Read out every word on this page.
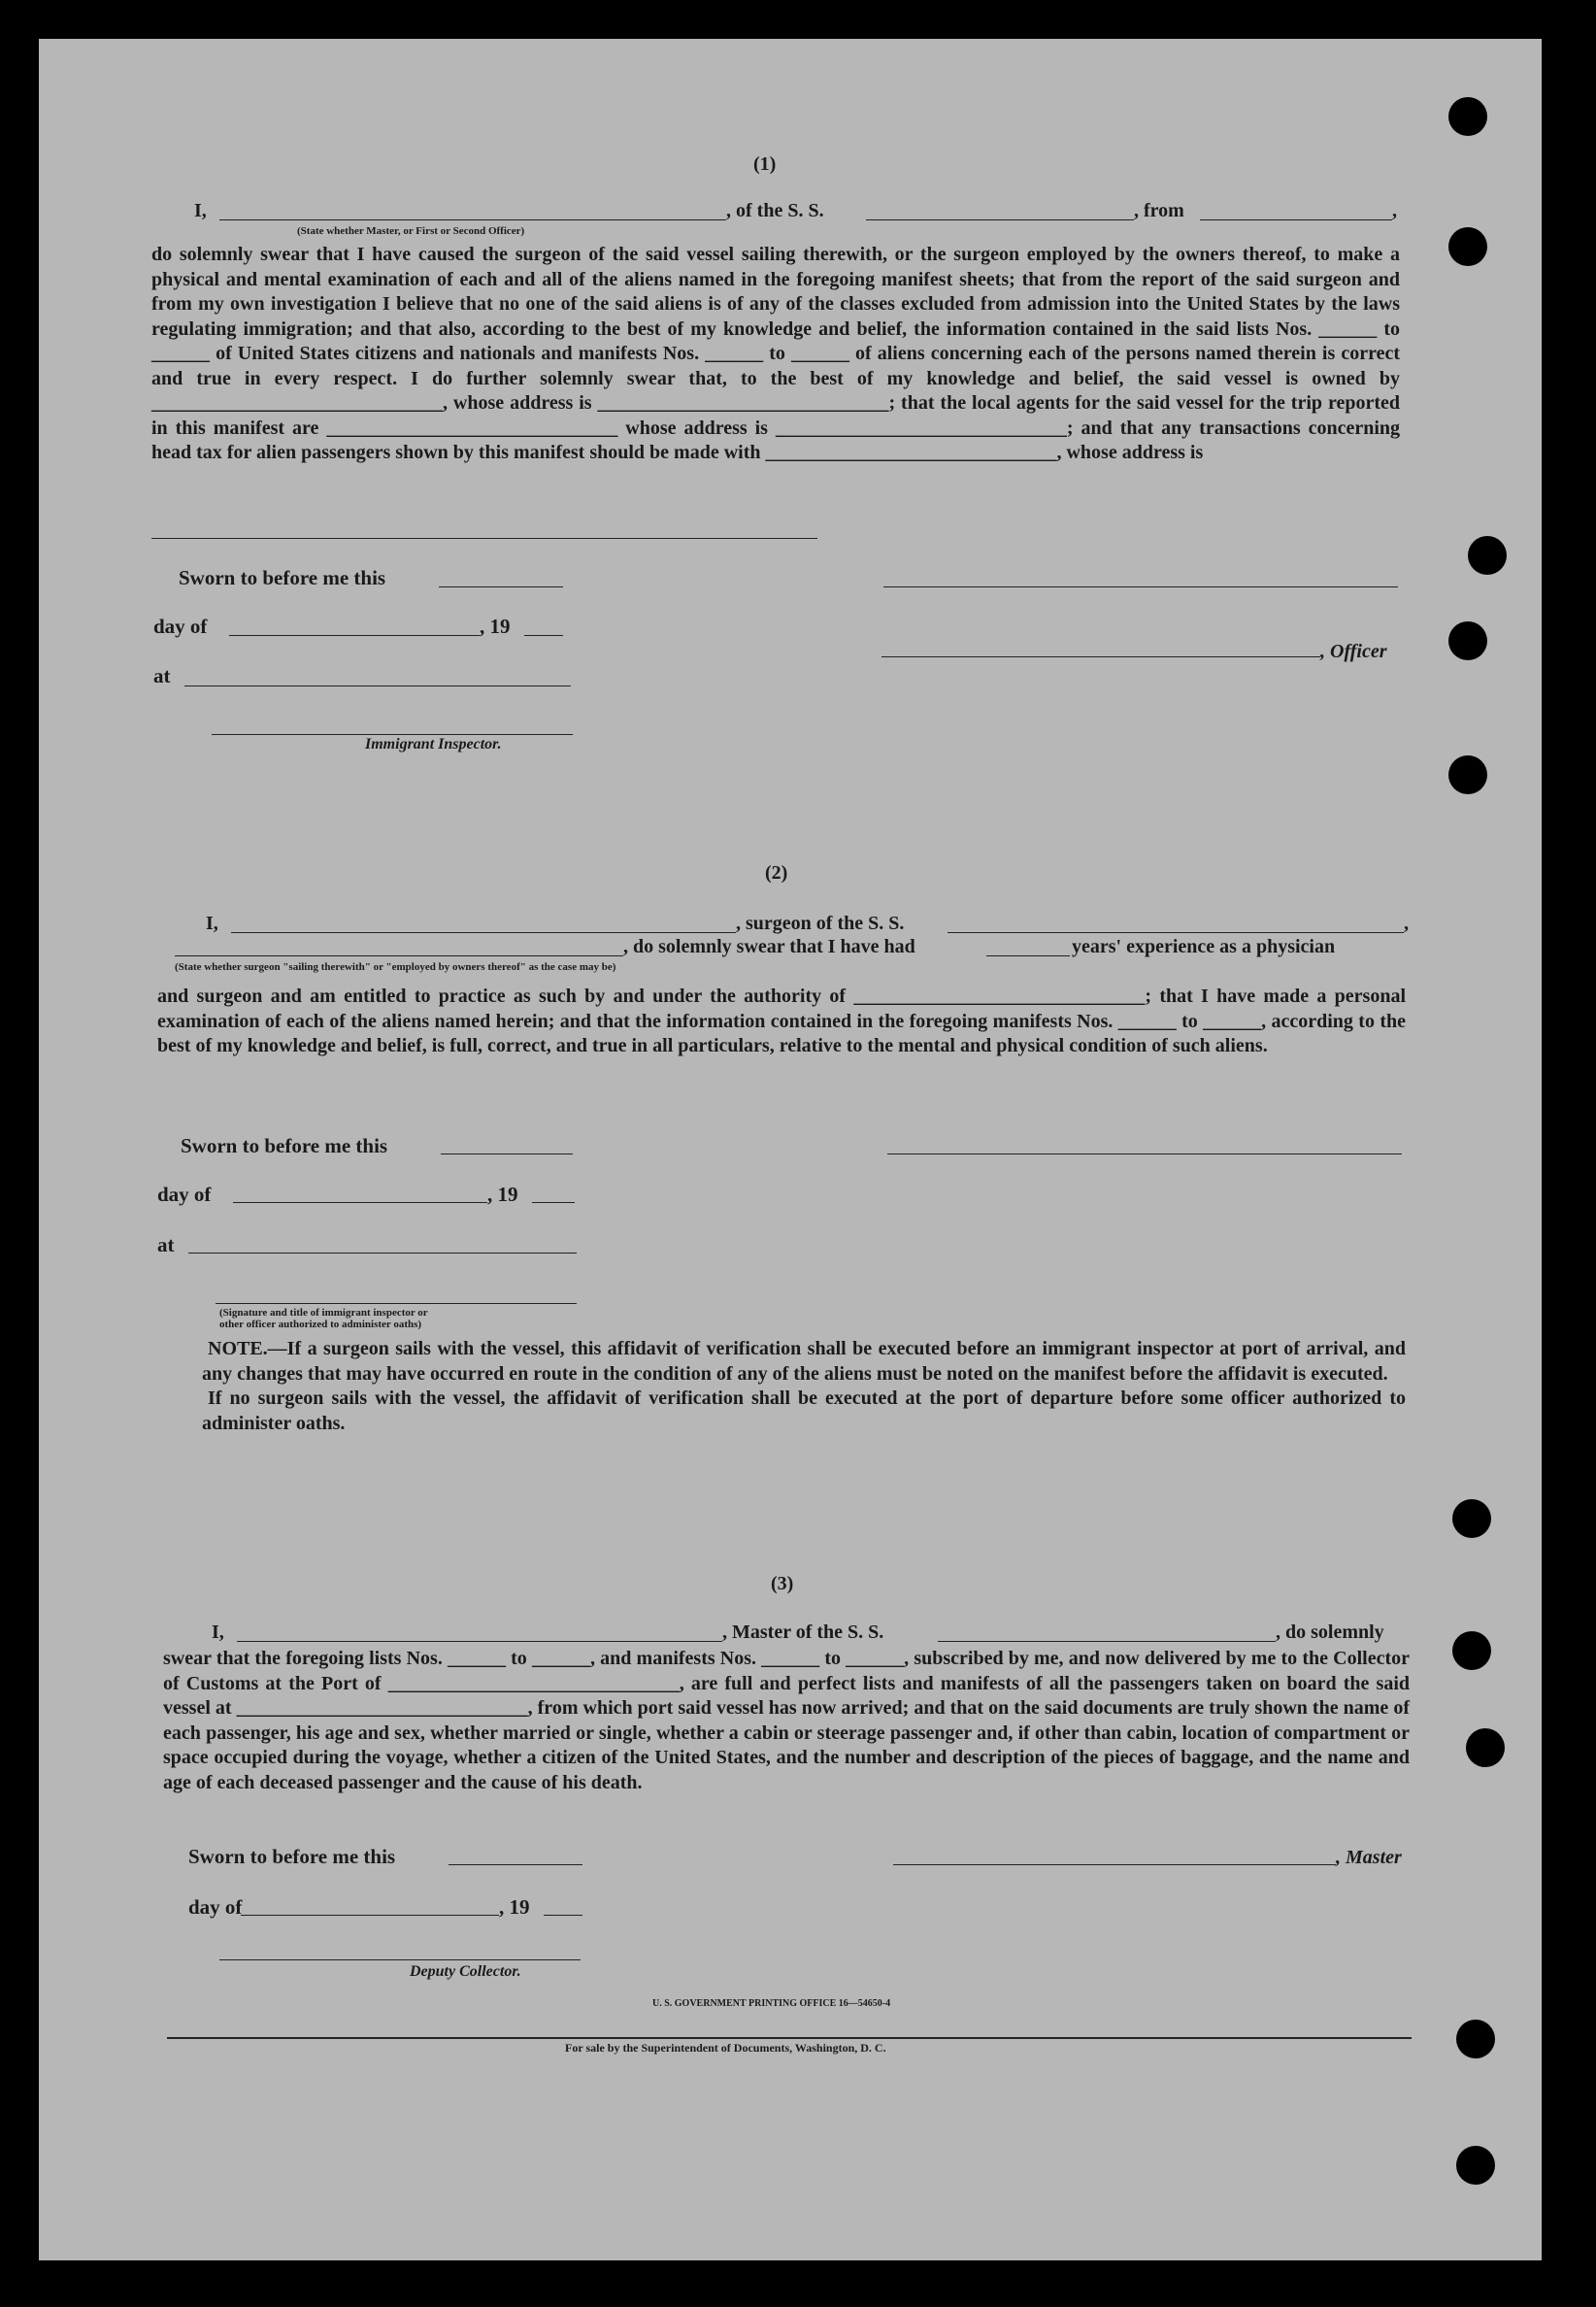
(1)
I,
(State whether Master, or First or Second Officer)
, of the S. S.	, from	,

do solemnly swear that I have caused the surgeon of the said vessel sailing therewith, or the surgeon employed by the owners thereof, to make a physical and mental examination of each and all of the aliens named in the foregoing manifest sheets; that from the report of the said surgeon and from my own investigation I believe that no one of the said aliens is of any of the classes excluded from admission into the United States by the laws regulating immigration; and that also, according to the best of my knowledge and belief, the information contained in the said lists Nos. ______ to ______ of United States citizens and nationals and manifests Nos. ______ to ______ of aliens concerning each of the persons named therein is correct and true in every respect. I do further solemnly swear that, to the best of my knowledge and belief, the said vessel is owned by ______________________________, whose address is ______________________________; that the local agents for the said vessel for the trip reported in this manifest are ______________________________ whose address is ______________________________; and that any transactions concerning head tax for alien passengers shown by this manifest should be made with ______________________________, whose address is

Sworn to before me this
day of	, 19
, Officer
at
Immigrant Inspector.
(2)
I,	, surgeon of the S. S.	,
, do solemnly swear that I have had	years' experience as a physician
(State whether surgeon "sailing therewith" or "employed by owners thereof" as the case may be)

and surgeon and am entitled to practice as such by and under the authority of ______________________________; that I have made a personal examination of each of the aliens named herein; and that the information contained in the foregoing manifests Nos. ______ to ______, according to the best of my knowledge and belief, is full, correct, and true in all particulars, relative to the mental and physical condition of such aliens.

Sworn to before me this
day of	, 19
at
(Signature and title of immigrant inspector or
other officer authorized to administer oaths)

NOTE.—If a surgeon sails with the vessel, this affidavit of verification shall be executed before an immigrant inspector at port of arrival, and any changes that may have occurred en route in the condition of any of the aliens must be noted on the manifest before the affidavit is executed.

If no surgeon sails with the vessel, the affidavit of verification shall be executed at the port of departure before some officer authorized to administer oaths.

(3)
I,	, Master of the S. S.	, do solemnly

swear that the foregoing lists Nos. ______ to ______, and manifests Nos. ______ to ______, subscribed by me, and now delivered by me to the Collector of Customs at the Port of ______________________________, are full and perfect lists and manifests of all the passengers taken on board the said vessel at ______________________________, from which port said vessel has now arrived; and that on the said documents are truly shown the name of each passenger, his age and sex, whether married or single, whether a cabin or steerage passenger and, if other than cabin, location of compartment or space occupied during the voyage, whether a citizen of the United States, and the number and description of the pieces of baggage, and the name and age of each deceased passenger and the cause of his death.

Sworn to before me this	, Master
day of	, 19
Deputy Collector.
U. S. GOVERNMENT PRINTING OFFICE 16—54650-4
For sale by the Superintendent of Documents, Washington, D. C.
